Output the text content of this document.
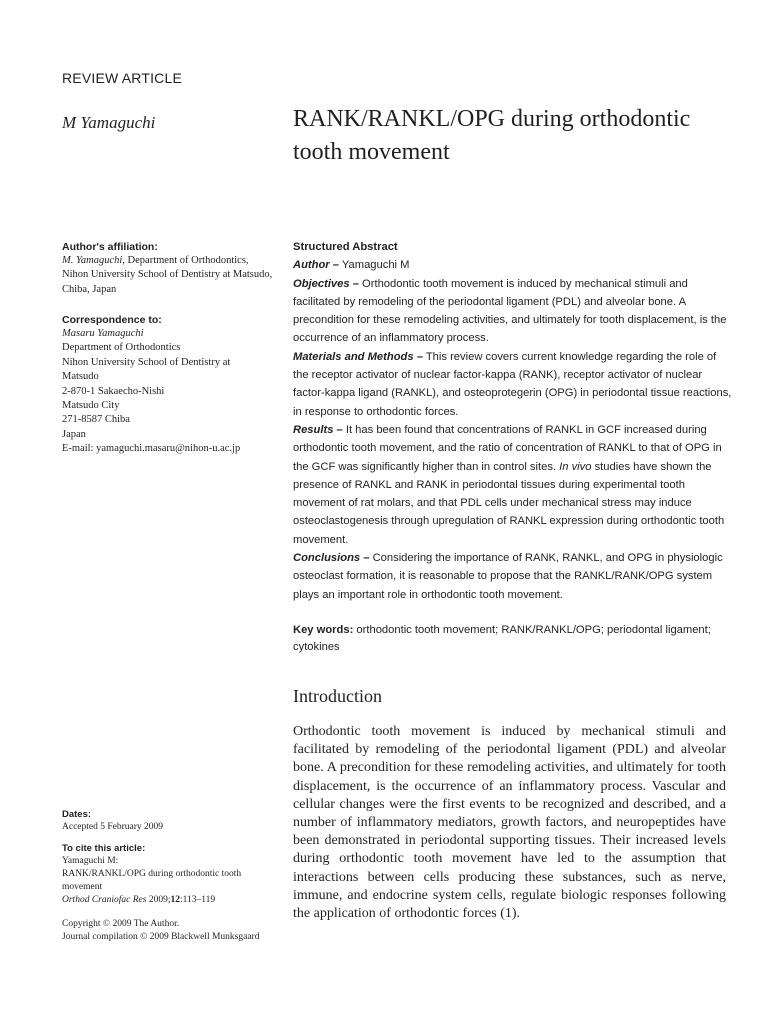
REVIEW ARTICLE
M Yamaguchi	RANK/RANKL/OPG during orthodontic tooth movement
Author's affiliation:
M. Yamaguchi, Department of Orthodontics, Nihon University School of Dentistry at Matsudo, Chiba, Japan
Correspondence to:
Masaru Yamaguchi
Department of Orthodontics
Nihon University School of Dentistry at
Matsudo
2-870-1 Sakaecho-Nishi
Matsudo City
271-8587 Chiba
Japan
E-mail: yamaguchi.masaru@nihon-u.ac.jp
Dates:
Accepted 5 February 2009
To cite this article:
Yamaguchi M:
RANK/RANKL/OPG during orthodontic tooth movement
Orthod Craniofac Res 2009;12:113–119
Copyright © 2009 The Author.
Journal compilation © 2009 Blackwell Munksgaard

Structured Abstract

Author – Yamaguchi M

Objectives – Orthodontic tooth movement is induced by mechanical stimuli and facilitated by remodeling of the periodontal ligament (PDL) and alveolar bone. A precondition for these remodeling activities, and ultimately for tooth displacement, is the occurrence of an inflammatory process.

Materials and Methods – This review covers current knowledge regarding the role of the receptor activator of nuclear factor-kappa (RANK), receptor activator of nuclear factor-kappa ligand (RANKL), and osteoprotegerin (OPG) in periodontal tissue reactions, in response to orthodontic forces.

Results – It has been found that concentrations of RANKL in GCF increased during orthodontic tooth movement, and the ratio of concentration of RANKL to that of OPG in the GCF was significantly higher than in control sites. In vivo studies have shown the presence of RANKL and RANK in periodontal tissues during experimental tooth movement of rat molars, and that PDL cells under mechanical stress may induce osteoclastogenesis through upregulation of RANKL expression during orthodontic tooth movement.

Conclusions – Considering the importance of RANK, RANKL, and OPG in physiologic osteoclast formation, it is reasonable to propose that the RANKL/RANK/OPG system plays an important role in orthodontic tooth movement.

Key words: orthodontic tooth movement; RANK/RANKL/OPG; periodontal ligament; cytokines
Introduction

Orthodontic tooth movement is induced by mechanical stimuli and facilitated by remodeling of the periodontal ligament (PDL) and alveolar bone. A precondition for these remodeling activities, and ultimately for tooth displacement, is the occurrence of an inflammatory process. Vascular and cellular changes were the first events to be recognized and described, and a number of inflammatory mediators, growth factors, and neuropeptides have been demonstrated in periodontal supporting tissues. Their increased levels during orthodontic tooth movement have led to the assumption that interactions between cells producing these substances, such as nerve, immune, and endocrine system cells, regulate biologic responses following the application of orthodontic forces (1).
